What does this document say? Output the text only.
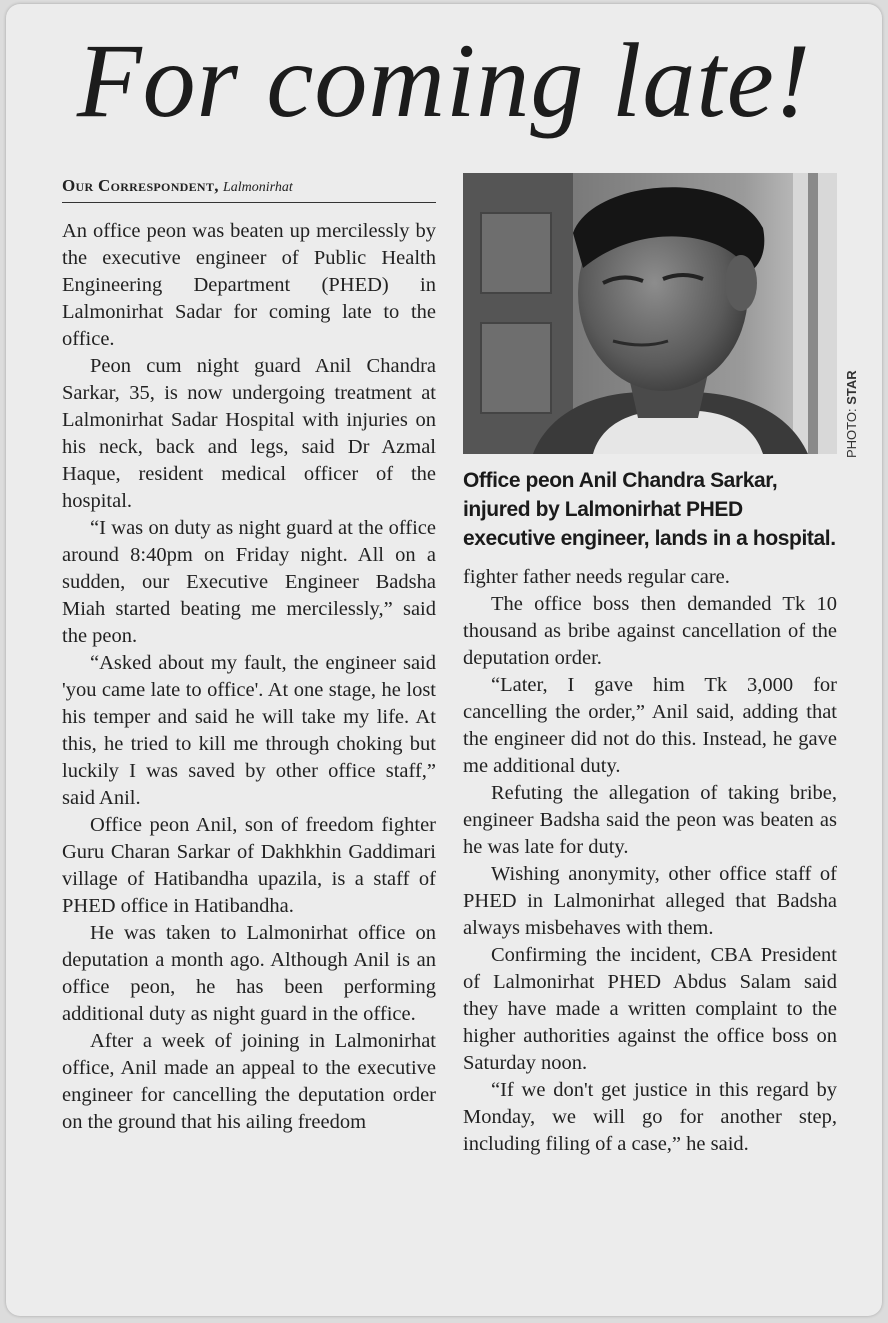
For coming late!
Our Correspondent, Lalmonirhat

An office peon was beaten up mercilessly by the executive engineer of Public Health Engineering Department (PHED) in Lalmonirhat Sadar for coming late to the office.

Peon cum night guard Anil Chandra Sarkar, 35, is now undergoing treatment at Lalmonirhat Sadar Hospital with injuries on his neck, back and legs, said Dr Azmal Haque, resident medical officer of the hospital.

“I was on duty as night guard at the office around 8:40pm on Friday night. All on a sudden, our Executive Engineer Badsha Miah started beating me mercilessly,” said the peon.

“Asked about my fault, the engineer said 'you came late to office'. At one stage, he lost his temper and said he will take my life. At this, he tried to kill me through choking but luckily I was saved by other office staff,” said Anil.

Office peon Anil, son of freedom fighter Guru Charan Sarkar of Dakhkhin Gaddimari village of Hatibandha upazila, is a staff of PHED office in Hatibandha.

He was taken to Lalmonirhat office on deputation a month ago. Although Anil is an office peon, he has been performing additional duty as night guard in the office.

After a week of joining in Lalmonirhat office, Anil made an appeal to the executive engineer for cancelling the deputation order on the ground that his ailing freedom

PHOTO: STAR
Office peon Anil Chandra Sarkar, injured by Lalmonirhat PHED executive engineer, lands in a hospital.

fighter father needs regular care.

The office boss then demanded Tk 10 thousand as bribe against cancellation of the deputation order.

“Later, I gave him Tk 3,000 for cancelling the order,” Anil said, adding that the engineer did not do this. Instead, he gave me additional duty.

Refuting the allegation of taking bribe, engineer Badsha said the peon was beaten as he was late for duty.

Wishing anonymity, other office staff of PHED in Lalmonirhat alleged that Badsha always misbehaves with them.

Confirming the incident, CBA President of Lalmonirhat PHED Abdus Salam said they have made a written complaint to the higher authorities against the office boss on Saturday noon.

“If we don't get justice in this regard by Monday, we will go for another step, including filing of a case,” he said.
